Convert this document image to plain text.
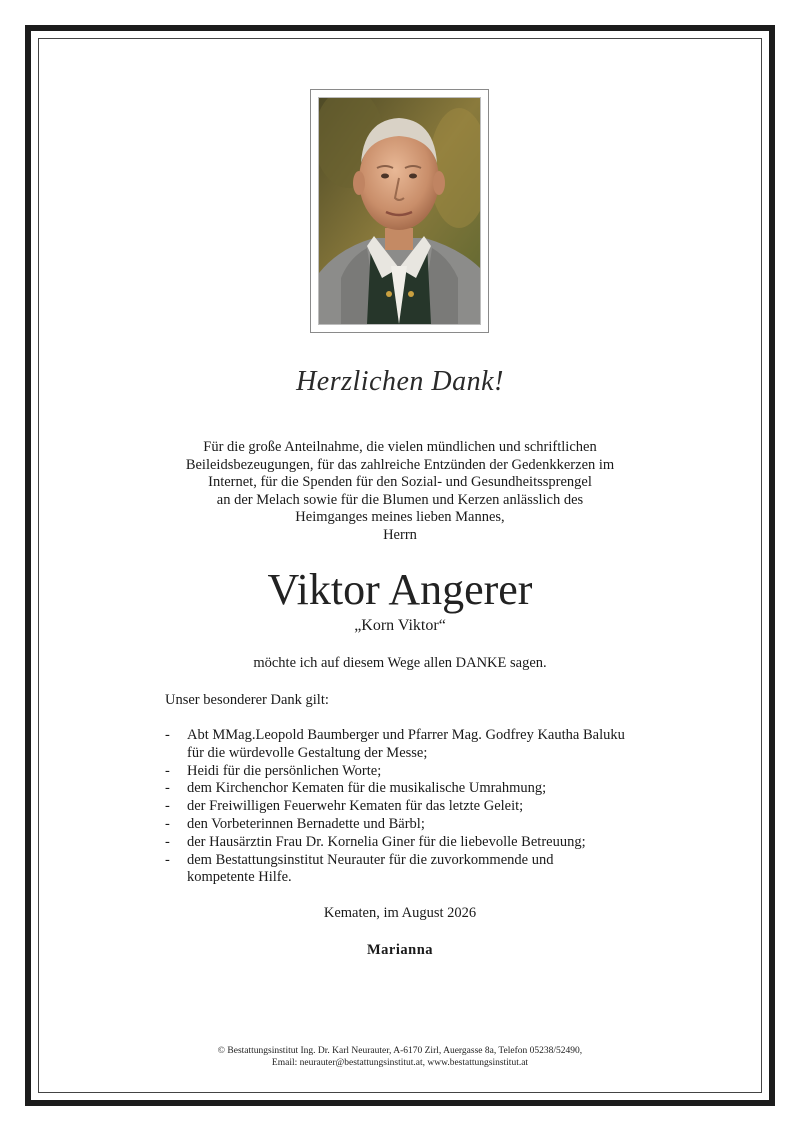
Herzlichen Dank!
Für die große Anteilnahme, die vielen mündlichen und schriftlichen
Beileidsbezeugungen, für das zahlreiche Entzünden der Gedenkkerzen im
Internet, für die Spenden für den Sozial- und Gesundheitssprengel
an der Melach sowie für die Blumen und Kerzen anlässlich des
Heimganges meines lieben Mannes,
Herrn
Viktor Angerer
„Korn Viktor“
möchte ich auf diesem Wege allen DANKE sagen.
Unser besonderer Dank gilt:
- Abt MMag.Leopold Baumberger und Pfarrer Mag. Godfrey Kautha Baluku
für die würdevolle Gestaltung der Messe;
- Heidi für die persönlichen Worte;
- dem Kirchenchor Kematen für die musikalische Umrahmung;
- der Freiwilligen Feuerwehr Kematen für das letzte Geleit;
- den Vorbeterinnen Bernadette und Bärbl;
- der Hausärztin Frau Dr. Kornelia Giner für die liebevolle Betreuung;
- dem Bestattungsinstitut Neurauter für die zuvorkommende und
kompetente Hilfe.
Kematen, im August 2026
Marianna
© Bestattungsinstitut Ing. Dr. Karl Neurauter, A-6170 Zirl, Auergasse 8a, Telefon 05238/52490,
Email: neurauter@bestattungsinstitut.at, www.bestattungsinstitut.at
